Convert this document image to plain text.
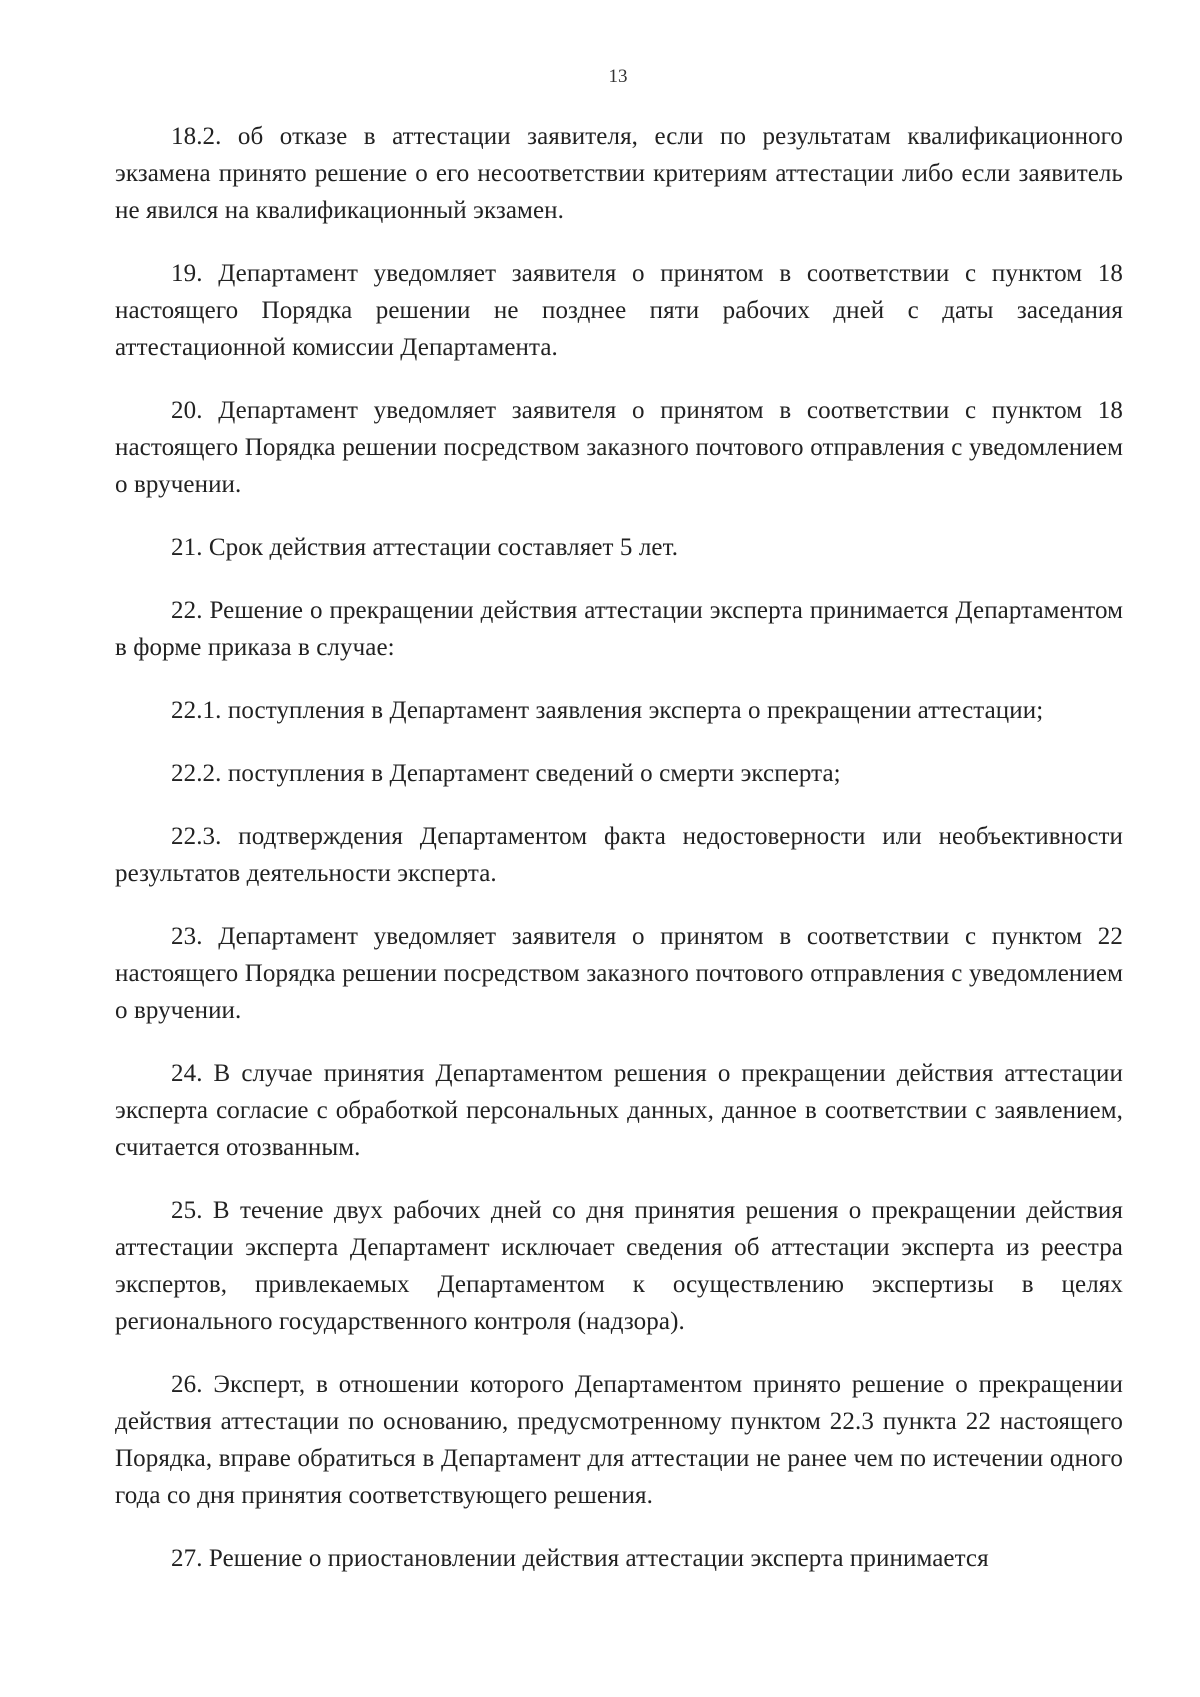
13

18.2. об отказе в аттестации заявителя, если по результатам квалификационного экзамена принято решение о его несоответствии критериям аттестации либо если заявитель не явился на квалификационный экзамен.

19. Департамент уведомляет заявителя о принятом в соответствии с пунктом 18 настоящего Порядка решении не позднее пяти рабочих дней с даты заседания аттестационной комиссии Департамента.

20. Департамент уведомляет заявителя о принятом в соответствии с пунктом 18 настоящего Порядка решении посредством заказного почтового отправления с уведомлением о вручении.

21. Срок действия аттестации составляет 5 лет.

22. Решение о прекращении действия аттестации эксперта принимается Департаментом в форме приказа в случае:

22.1. поступления в Департамент заявления эксперта о прекращении аттестации;

22.2. поступления в Департамент сведений о смерти эксперта;

22.3. подтверждения Департаментом факта недостоверности или необъективности результатов деятельности эксперта.

23. Департамент уведомляет заявителя о принятом в соответствии с пунктом 22 настоящего Порядка решении посредством заказного почтового отправления с уведомлением о вручении.

24. В случае принятия Департаментом решения о прекращении действия аттестации эксперта согласие с обработкой персональных данных, данное в соответствии с заявлением, считается отозванным.

25. В течение двух рабочих дней со дня принятия решения о прекращении действия аттестации эксперта Департамент исключает сведения об аттестации эксперта из реестра экспертов, привлекаемых Департаментом к осуществлению экспертизы в целях регионального государственного контроля (надзора).

26. Эксперт, в отношении которого Департаментом принято решение о прекращении действия аттестации по основанию, предусмотренному пунктом 22.3 пункта 22 настоящего Порядка, вправе обратиться в Департамент для аттестации не ранее чем по истечении одного года со дня принятия соответствующего решения.

27. Решение о приостановлении действия аттестации эксперта принимается
